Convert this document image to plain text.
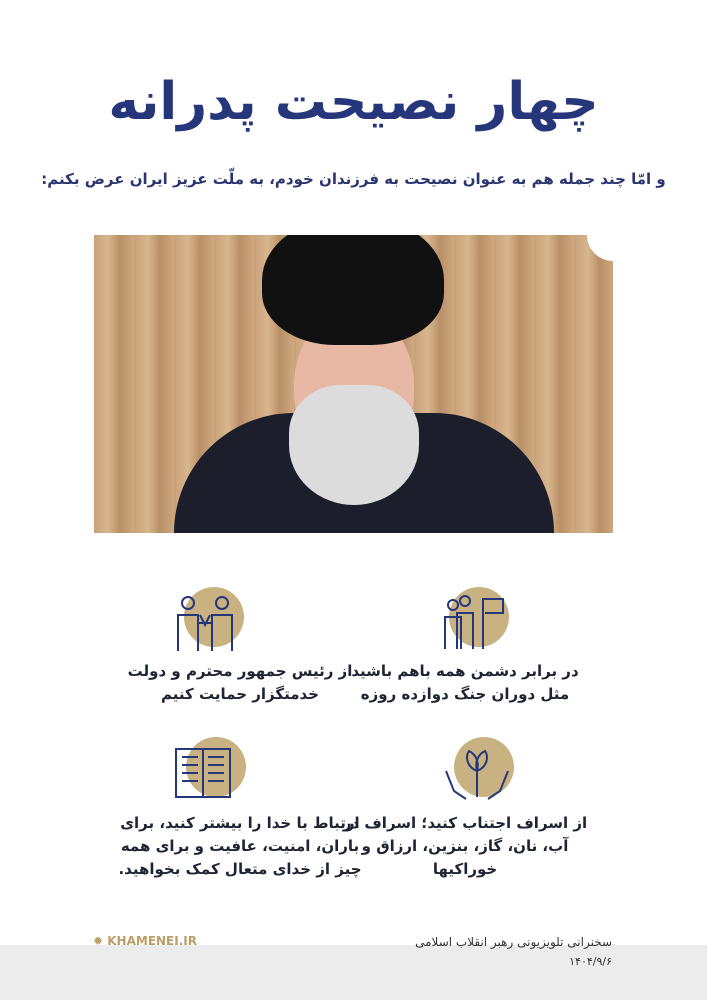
چهار نصیحت پدرانه
و امّا چند جمله هم به عنوان نصیحت به فرزندان خودم، به ملّت عزیز ایران عرض بکنم:
در برابر دشمن همه باهم باشید مثل دوران جنگ دوازده روزه
از رئیس جمهور محترم و دولت خدمتگزار حمایت کنیم
از اسراف اجتناب کنید؛ اسراف در آب، نان، گاز، بنزین، ارزاق و خوراکیها
ارتباط با خدا را بیشتر کنید، برای باران، امنیت، عافیت و برای همه چیز از خدای متعال کمک بخواهید.
سخنرانی تلویزیونی رهبر انقلاب اسلامی
۱۴۰۴/۹/۶
✹ KHAMENEI.IR
